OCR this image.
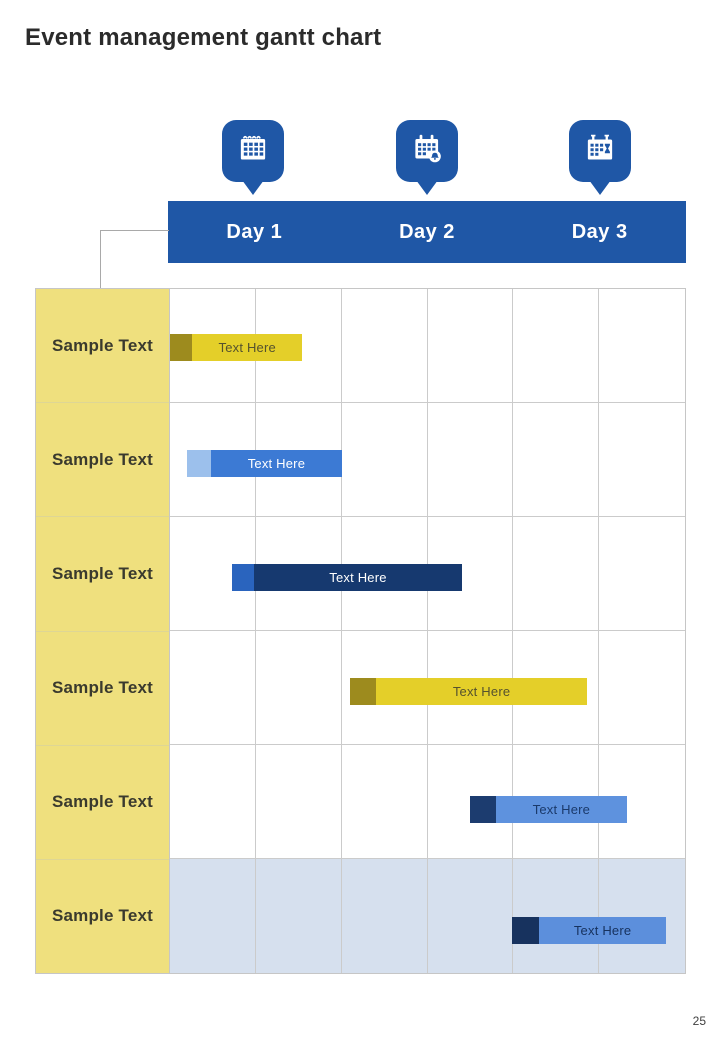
Event management gantt chart
Day 1	Day 2	Day 3
Sample Text
Sample Text
Sample Text
Sample Text
Sample Text
Sample Text
Text Here
Text Here
Text Here
Text Here
Text Here
Text Here
25
